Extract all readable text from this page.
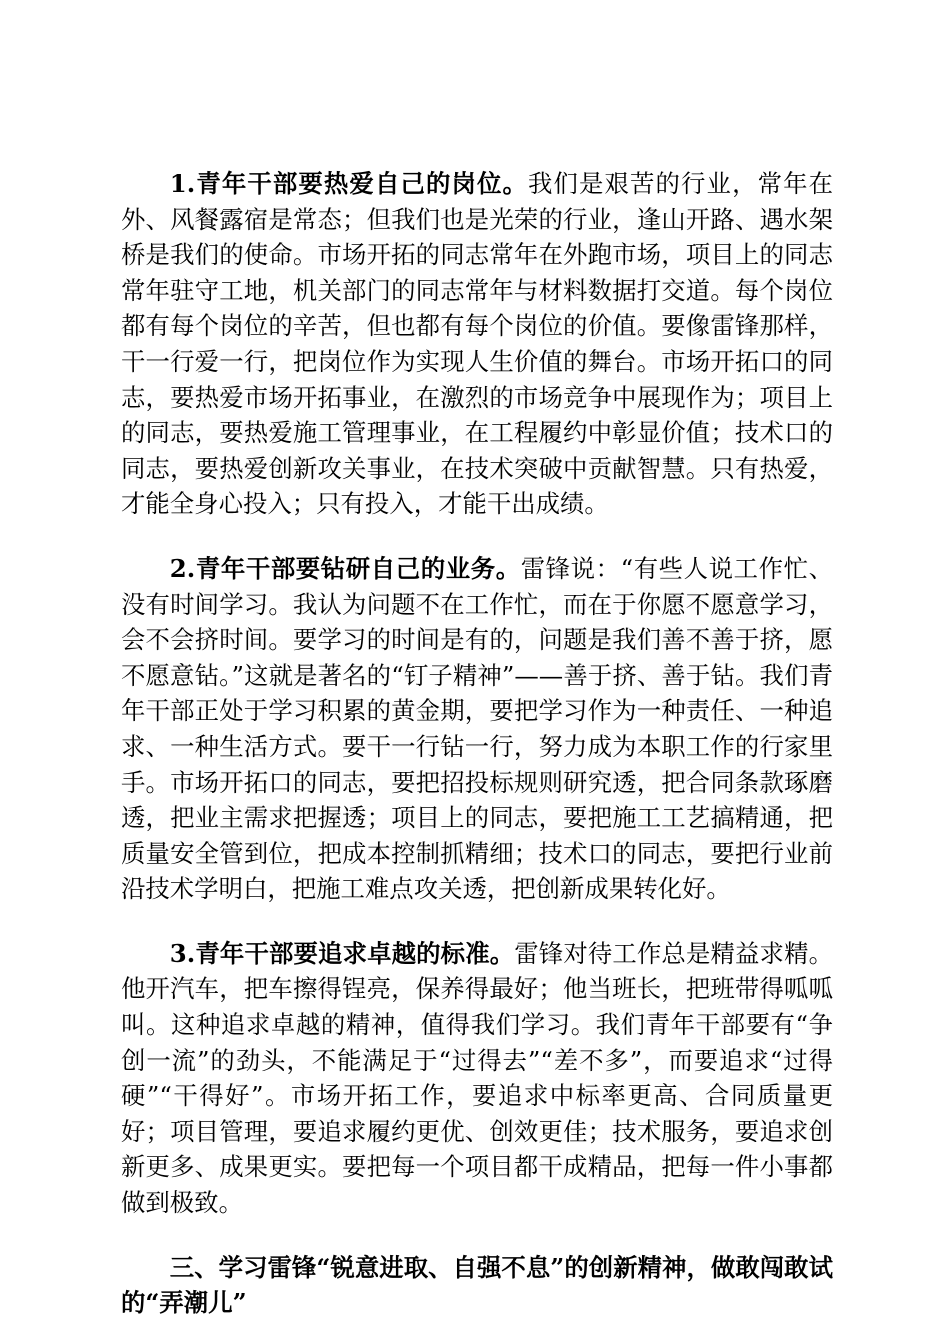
1.青年干部要热爱自己的岗位。我们是艰苦的行业，常年在外、风餐露宿是常态；但我们也是光荣的行业，逢山开路、遇水架桥是我们的使命。市场开拓的同志常年在外跑市场，项目上的同志常年驻守工地，机关部门的同志常年与材料数据打交道。每个岗位都有每个岗位的辛苦，但也都有每个岗位的价值。要像雷锋那样，干一行爱一行，把岗位作为实现人生价值的舞台。市场开拓口的同志，要热爱市场开拓事业，在激烈的市场竞争中展现作为；项目上的同志，要热爱施工管理事业，在工程履约中彰显价值；技术口的同志，要热爱创新攻关事业，在技术突破中贡献智慧。只有热爱，才能全身心投入；只有投入，才能干出成绩。

2.青年干部要钻研自己的业务。雷锋说：“有些人说工作忙、没有时间学习。我认为问题不在工作忙，而在于你愿不愿意学习，会不会挤时间。要学习的时间是有的，问题是我们善不善于挤，愿不愿意钻。”这就是著名的“钉子精神”——善于挤、善于钻。我们青年干部正处于学习积累的黄金期，要把学习作为一种责任、一种追求、一种生活方式。要干一行钻一行，努力成为本职工作的行家里手。市场开拓口的同志，要把招投标规则研究透，把合同条款琢磨透，把业主需求把握透；项目上的同志，要把施工工艺搞精通，把质量安全管到位，把成本控制抓精细；技术口的同志，要把行业前沿技术学明白，把施工难点攻关透，把创新成果转化好。

3.青年干部要追求卓越的标准。雷锋对待工作总是精益求精。他开汽车，把车擦得锃亮，保养得最好；他当班长，把班带得呱呱叫。这种追求卓越的精神，值得我们学习。我们青年干部要有“争创一流”的劲头，不能满足于“过得去”“差不多”，而要追求“过得硬”“干得好”。市场开拓工作，要追求中标率更高、合同质量更好；项目管理，要追求履约更优、创效更佳；技术服务，要追求创新更多、成果更实。要把每一个项目都干成精品，把每一件小事都做到极致。

三、学习雷锋“锐意进取、自强不息”的创新精神，做敢闯敢试的“弄潮儿”
